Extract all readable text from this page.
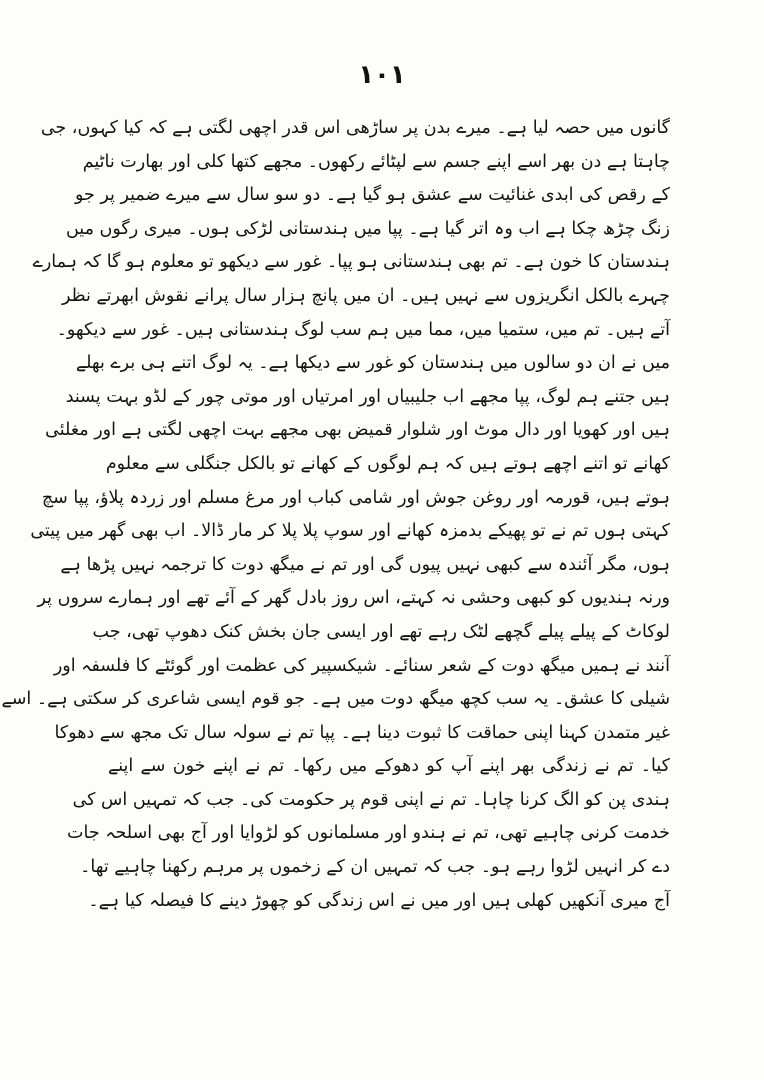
۱۰۱
گانوں میں حصہ لیا ہے۔ میرے بدن پر ساڑھی اس قدر اچھی لگتی ہے کہ کیا کہوں، جی
چاہتا ہے دن بھر اسے اپنے جسم سے لپٹائے رکھوں۔ مجھے کتھا کلی اور بھارت ناٹیم
کے رقص کی ابدی غنائیت سے عشق ہو گیا ہے۔ دو سو سال سے میرے ضمیر پر جو
زنگ چڑھ چکا ہے اب وہ اتر گیا ہے۔ پپا میں ہندستانی لڑکی ہوں۔ میری رگوں میں
ہندستان کا خون ہے۔ تم بھی ہندستانی ہو پپا۔ غور سے دیکھو تو معلوم ہو گا کہ ہمارے
چہرے بالکل انگریزوں سے نہیں ہیں۔ ان میں پانچ ہزار سال پرانے نقوش ابھرتے نظر
آتے ہیں۔ تم میں، ستمیا میں، مما میں ہم سب لوگ ہندستانی ہیں۔ غور سے دیکھو۔
میں نے ان دو سالوں میں ہندستان کو غور سے دیکھا ہے۔ یہ لوگ اتنے ہی برے بھلے
ہیں جتنے ہم لوگ، پپا مجھے اب جلیبیاں اور امرتیاں اور موتی چور کے لڈو بہت پسند
ہیں اور کھویا اور دال موٹ اور شلوار قمیض بھی مجھے بہت اچھی لگتی ہے اور مغلئی
کھانے تو اتنے اچھے ہوتے ہیں کہ ہم لوگوں کے کھانے تو بالکل جنگلی سے معلوم
ہوتے ہیں، قورمہ اور روغن جوش اور شامی کباب اور مرغ مسلم اور زردہ پلاؤ، پپا سچ
کہتی ہوں تم نے تو پھیکے بدمزہ کھانے اور سوپ پلا پلا کر مار ڈالا۔ اب بھی گھر میں پیتی
ہوں، مگر آئندہ سے کبھی نہیں پیوں گی اور تم نے میگھ دوت کا ترجمہ نہیں پڑھا ہے
ورنہ ہندیوں کو کبھی وحشی نہ کہتے، اس روز بادل گھر کے آئے تھے اور ہمارے سروں پر
لوکاٹ کے پیلے پیلے گچھے لٹک رہے تھے اور ایسی جان بخش کنک دھوپ تھی، جب
آنند نے ہمیں میگھ دوت کے شعر سنائے۔ شیکسپیر کی عظمت اور گوئٹے کا فلسفہ اور
شیلی کا عشق۔ یہ سب کچھ میگھ دوت میں ہے۔ جو قوم ایسی شاعری کر سکتی ہے۔ اسے
غیر متمدن کہنا اپنی حماقت کا ثبوت دینا ہے۔ پپا تم نے سولہ سال تک مجھ سے دھوکا
کیا۔ تم نے زندگی بھر اپنے آپ کو دھوکے میں رکھا۔ تم نے اپنے خون سے اپنے
ہندی پن کو الگ کرنا چاہا۔ تم نے اپنی قوم پر حکومت کی۔ جب کہ تمہیں اس کی
خدمت کرنی چاہیے تھی، تم نے ہندو اور مسلمانوں کو لڑوایا اور آج بھی اسلحہ جات
دے کر انہیں لڑوا رہے ہو۔ جب کہ تمہیں ان کے زخموں پر مرہم رکھنا چاہیے تھا۔
آج میری آنکھیں کھلی ہیں اور میں نے اس زندگی کو چھوڑ دینے کا فیصلہ کیا ہے۔
